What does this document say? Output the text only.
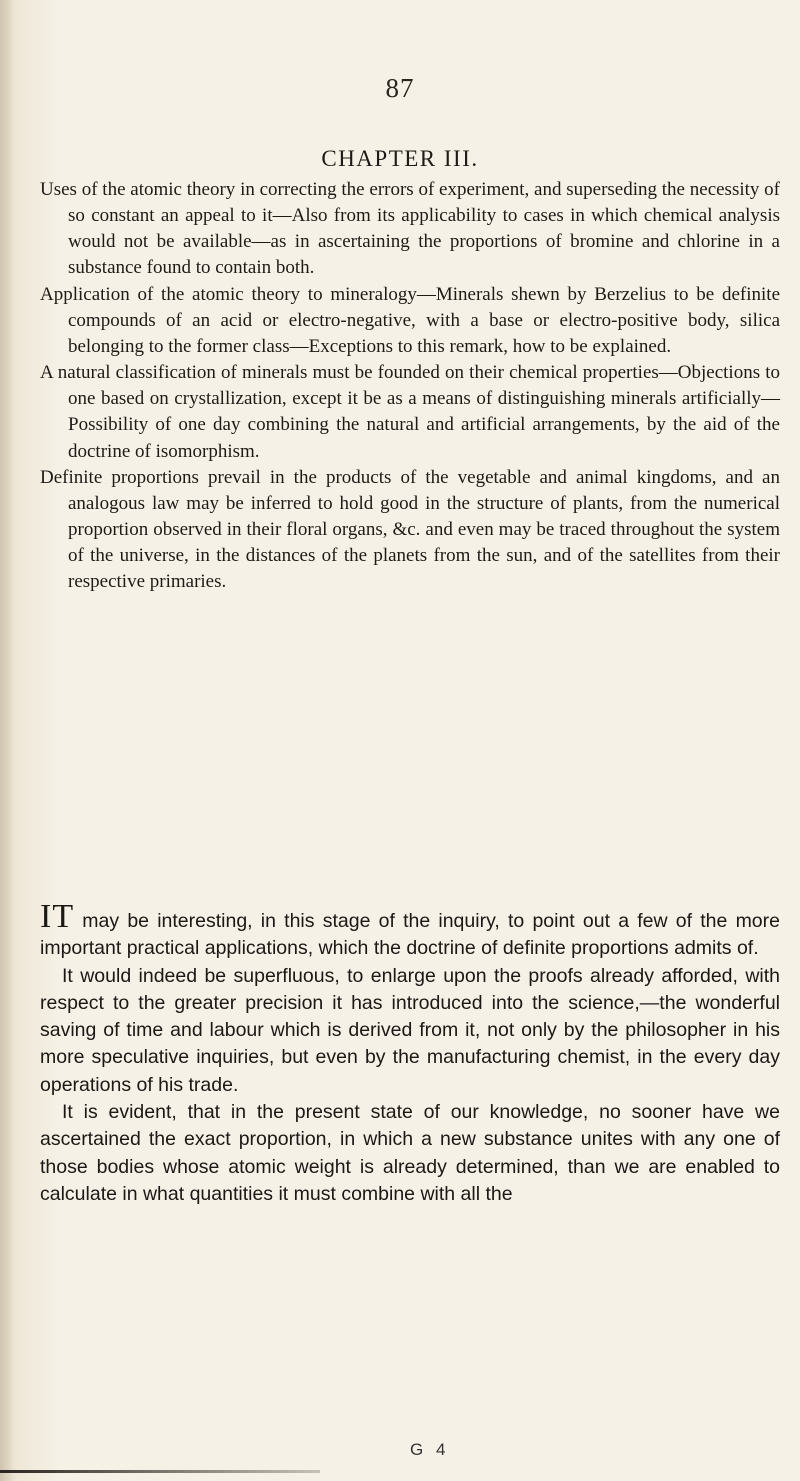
87
CHAPTER III.
Uses of the atomic theory in correcting the errors of experiment, and superseding the necessity of so constant an appeal to it—Also from its applicability to cases in which chemical analysis would not be available—as in ascertaining the proportions of bromine and chlorine in a substance found to contain both.
Application of the atomic theory to mineralogy—Minerals shewn by Berzelius to be definite compounds of an acid or electro-negative, with a base or electro-positive body, silica belonging to the former class—Exceptions to this remark, how to be explained.
A natural classification of minerals must be founded on their chemical properties—Objections to one based on crystallization, except it be as a means of distinguishing minerals artificially—Possibility of one day combining the natural and artificial arrangements, by the aid of the doctrine of isomorphism.
Definite proportions prevail in the products of the vegetable and animal kingdoms, and an analogous law may be inferred to hold good in the structure of plants, from the numerical proportion observed in their floral organs, &c. and even may be traced throughout the system of the universe, in the distances of the planets from the sun, and of the satellites from their respective primaries.

IT may be interesting, in this stage of the inquiry, to point out a few of the more important practical applications, which the doctrine of definite proportions admits of.

It would indeed be superfluous, to enlarge upon the proofs already afforded, with respect to the greater precision it has introduced into the science,—the wonderful saving of time and labour which is derived from it, not only by the philosopher in his more speculative inquiries, but even by the manufacturing chemist, in the every day operations of his trade.

It is evident, that in the present state of our knowledge, no sooner have we ascertained the exact proportion, in which a new substance unites with any one of those bodies whose atomic weight is already determined, than we are enabled to calculate in what quantities it must combine with all the

G 4
